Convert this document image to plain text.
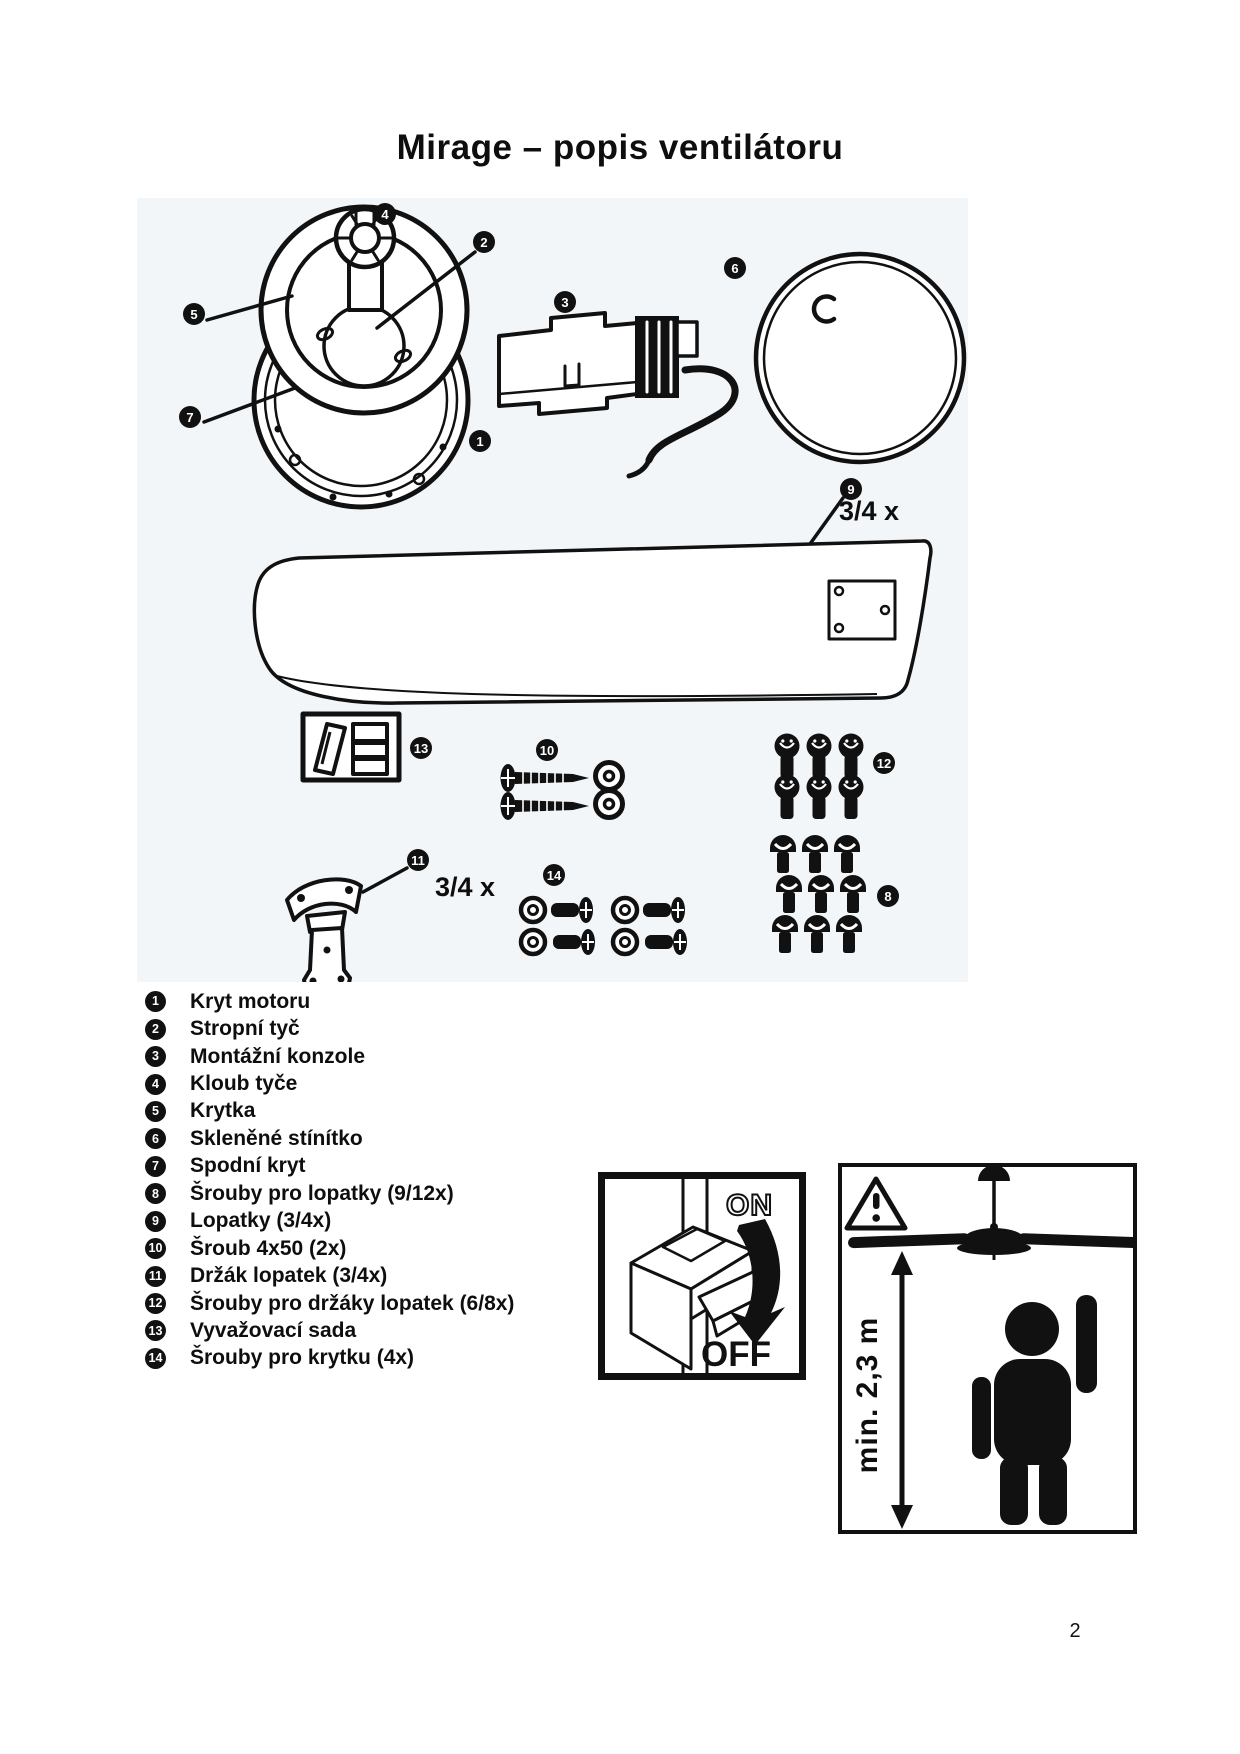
Mirage – popis ventilátoru
1
2
3
4
5
6
7
8
9
10
11
12
13
14
3/4 x
3/4 x
1	Kryt motoru
2	Stropní tyč
3	Montážní konzole
4	Kloub tyče
5	Krytka
6	Skleněné stínítko
7	Spodní kryt
8	Šrouby pro lopatky (9/12x)
9	Lopatky (3/4x)
10 Šroub 4x50 (2x)
11 Držák lopatek (3/4x)
12 Šrouby pro držáky lopatek (6/8x)
13 Vyvažovací sada
14 Šrouby pro krytku (4x)
ON
OFF	min. 2,3 m
2
